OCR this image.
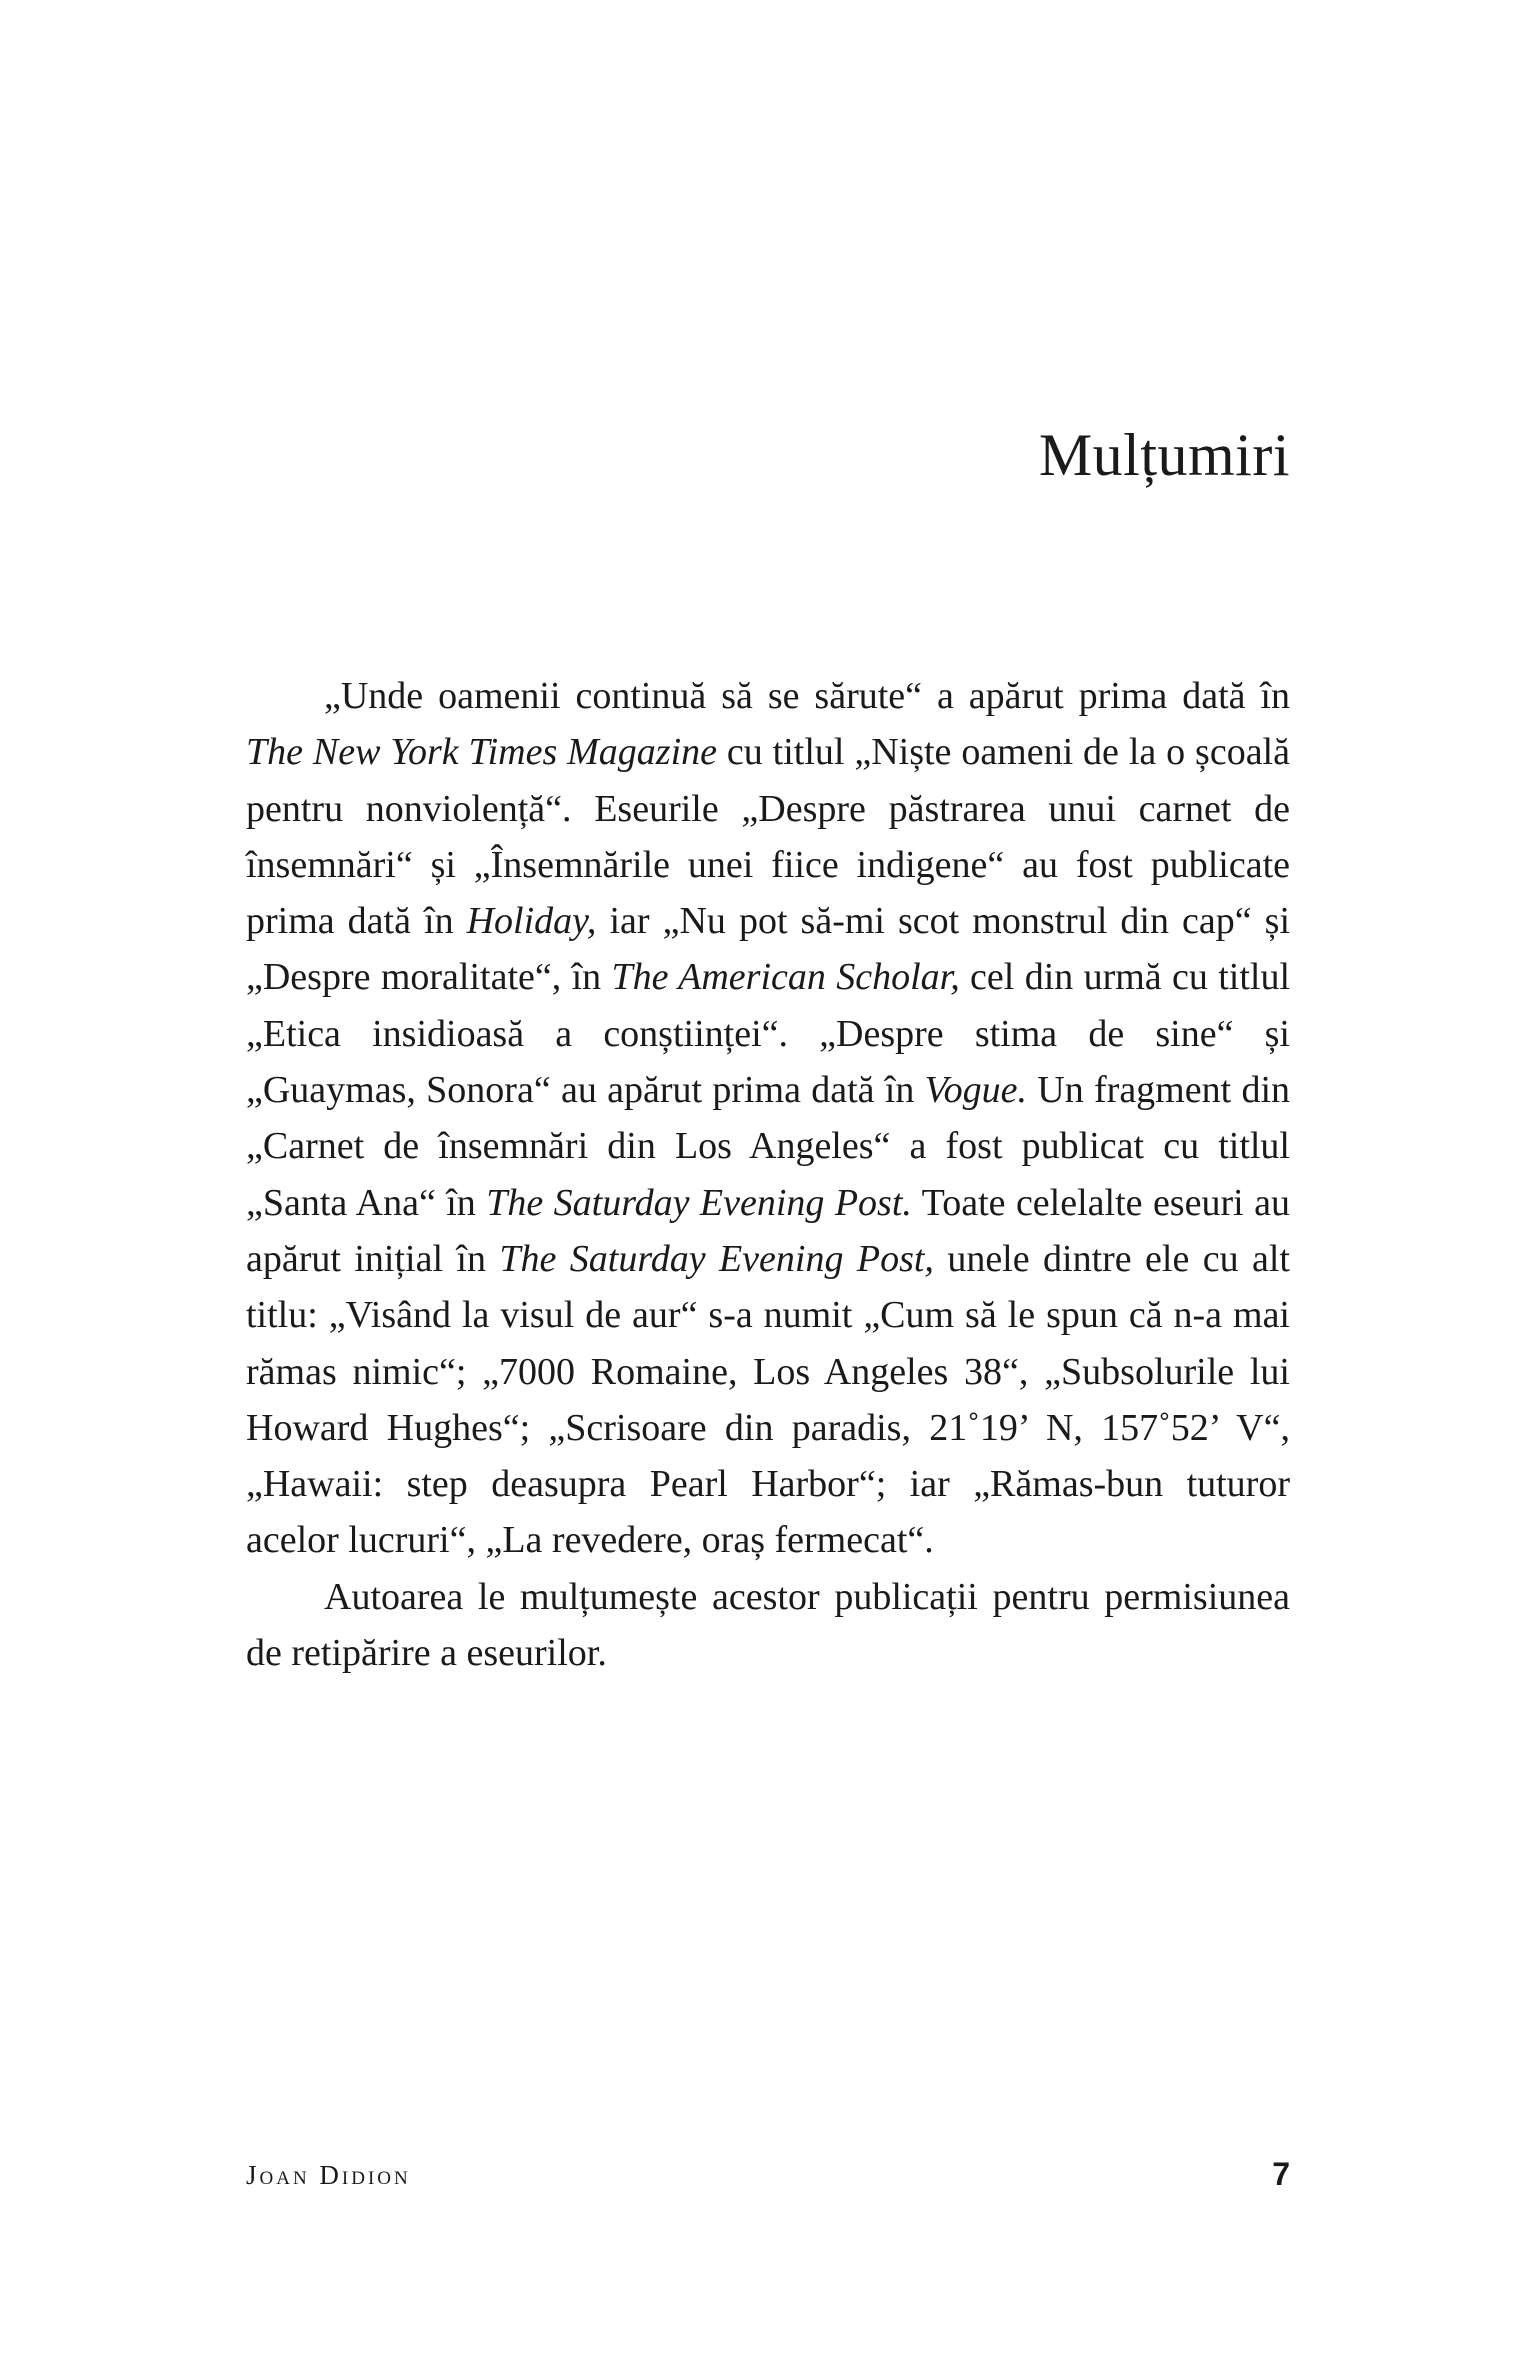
Mulțumiri

„Unde oamenii continuă să se sărute“ a apărut prima dată în The New York Times Magazine cu titlul „Niște oameni de la o școală pentru nonviolență“. Eseurile „Despre păstrarea unui carnet de însemnări“ și „Însemnările unei fiice indigene“ au fost publicate prima dată în Holiday, iar „Nu pot să-mi scot monstrul din cap“ și „Despre moralitate“, în The American Scholar, cel din urmă cu titlul „Etica insidioasă a conștiinței“. „Despre stima de sine“ și „Guaymas, Sonora“ au apărut prima dată în Vogue. Un fragment din „Carnet de însemnări din Los Angeles“ a fost publicat cu titlul „Santa Ana“ în The Saturday Evening Post. Toate celelalte eseuri au apărut inițial în The Saturday Evening Post, unele dintre ele cu alt titlu: „Visând la visul de aur“ s-a numit „Cum să le spun că n-a mai rămas nimic“; „7000 Romaine, Los Angeles 38“, „Subsolurile lui Howard Hughes“; „Scrisoare din paradis, 21˚19’ N, 157˚52’ V“, „Hawaii: step deasupra Pearl Harbor“; iar „Rămas-bun tuturor acelor lucruri“, „La revedere, oraș fermecat“.

Autoarea le mulțumește acestor publicații pentru permisiunea de retipărire a eseurilor.

Joan Didion	7
